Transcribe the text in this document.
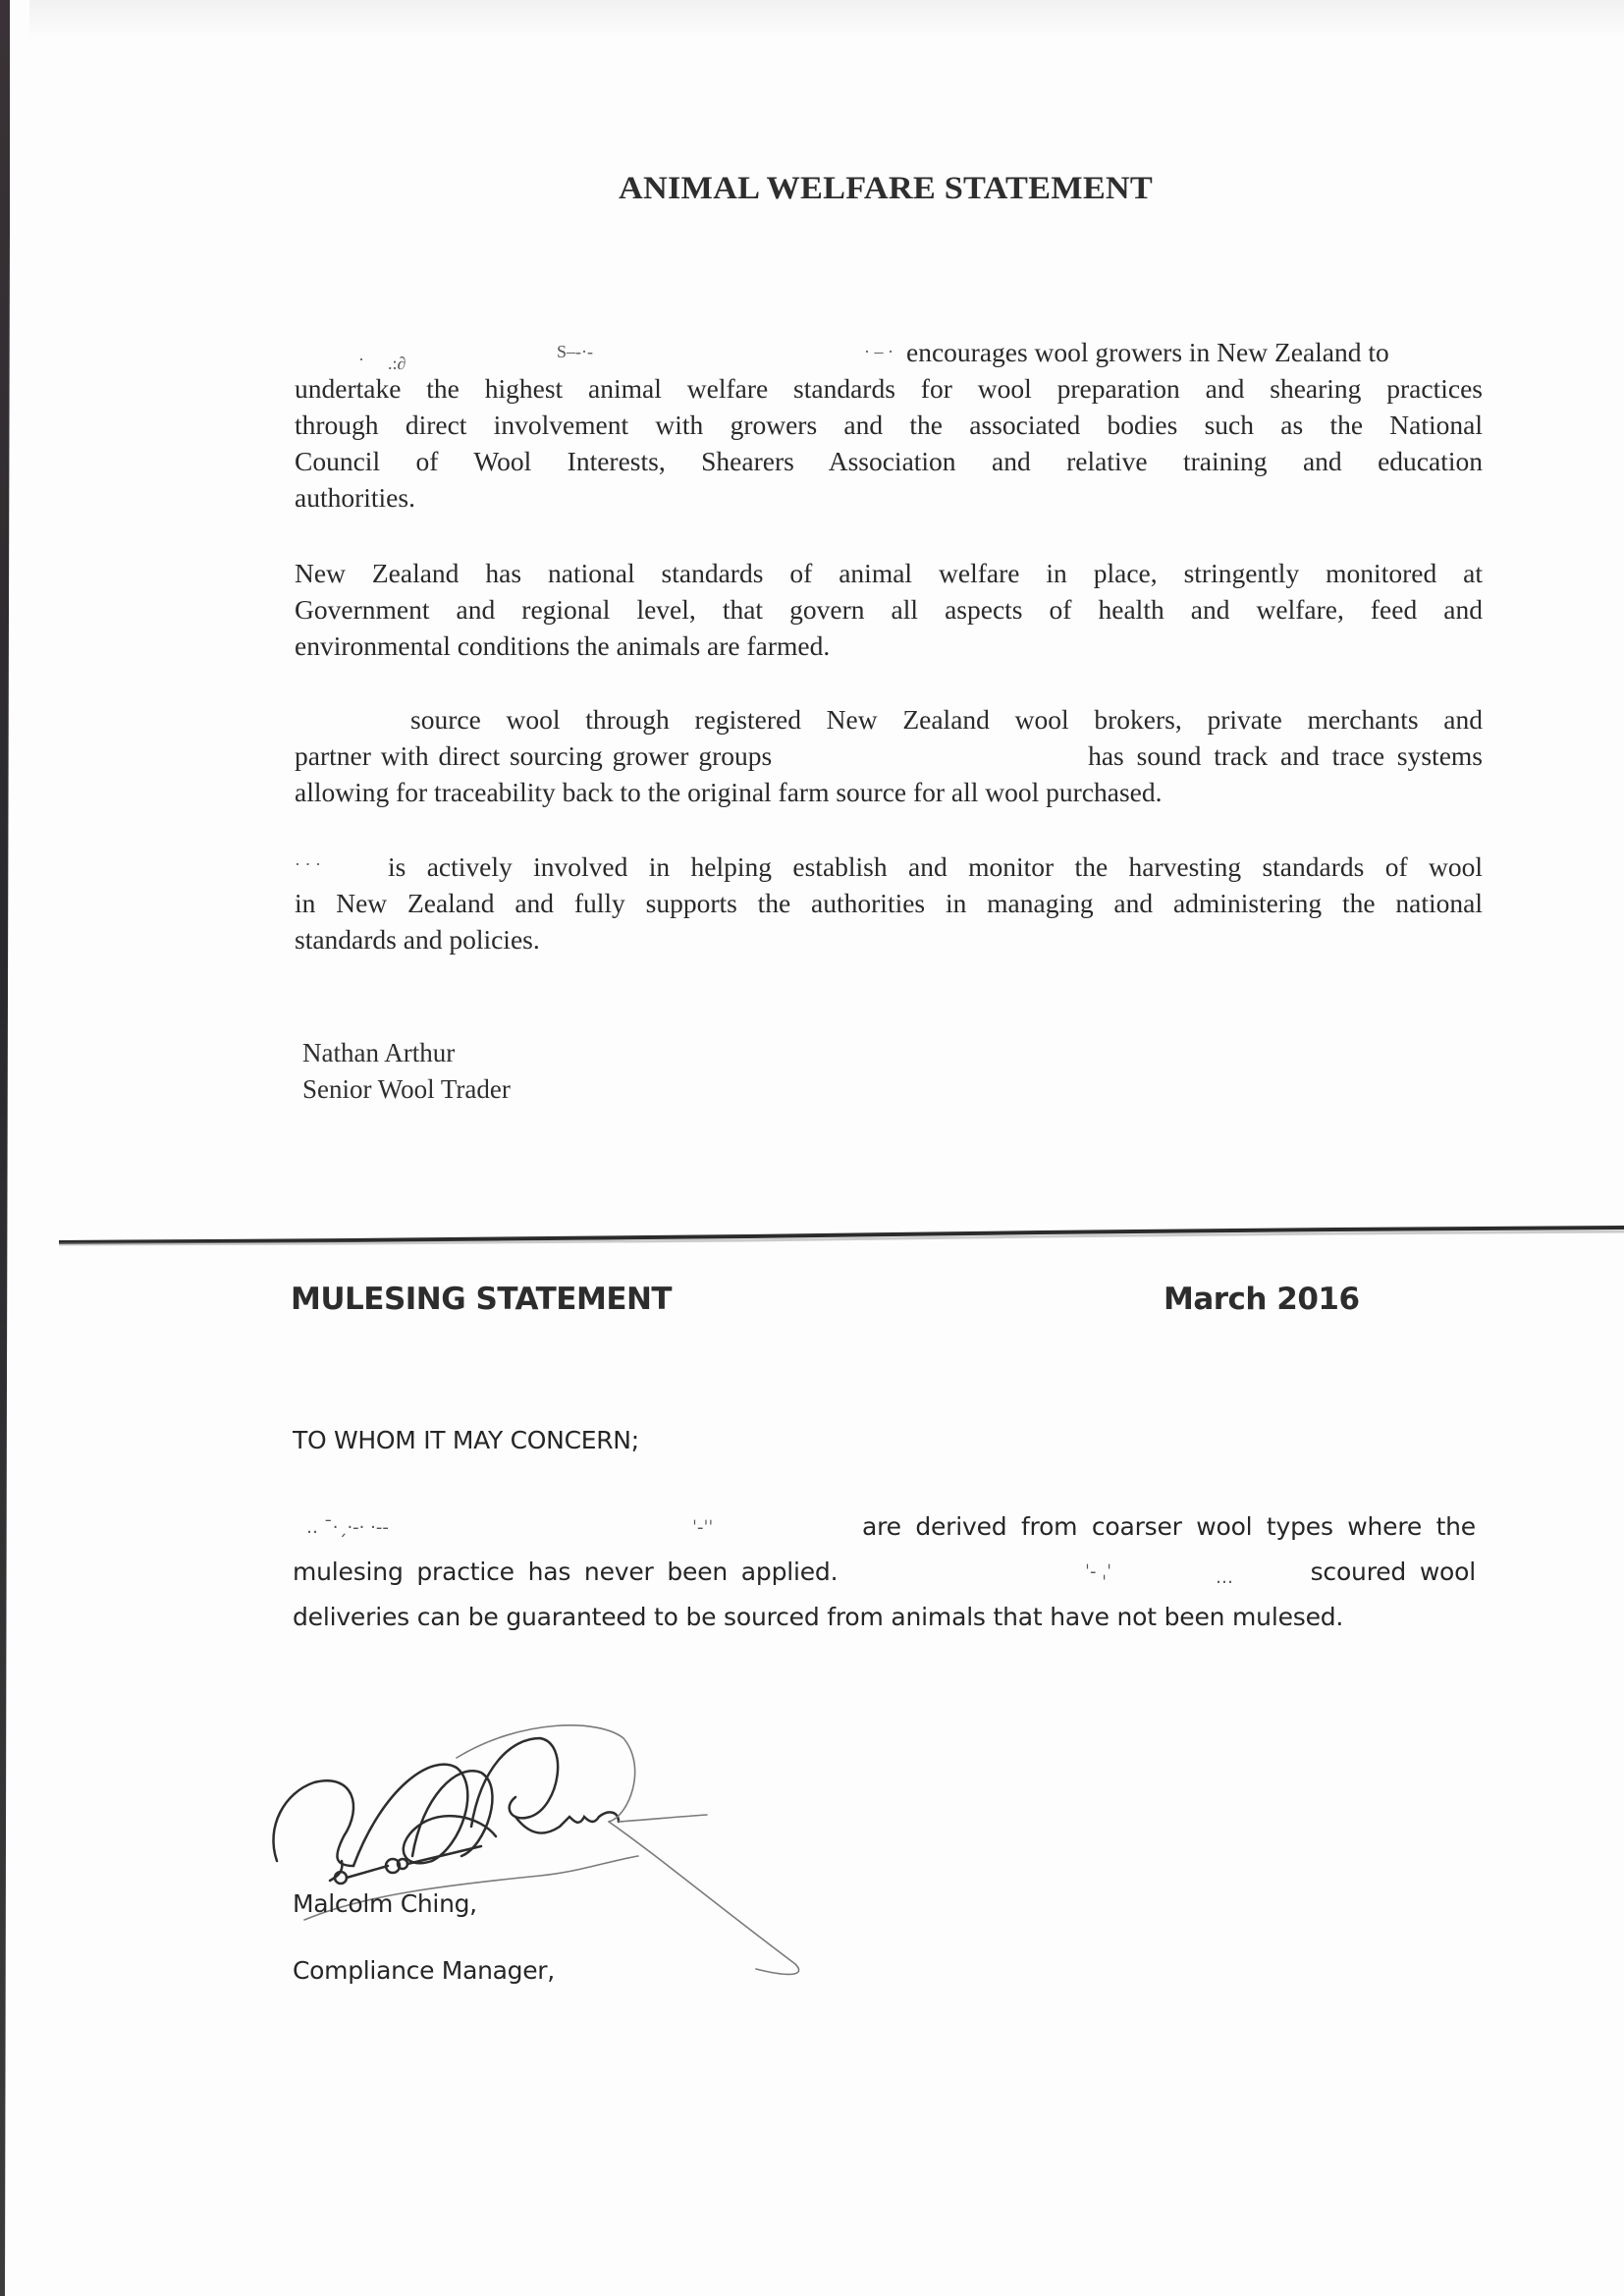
ANIMAL WELFARE STATEMENT
encourages wool growers in New Zealand to
undertake the highest animal welfare standards for wool preparation and shearing practices
through direct involvement with growers and the associated bodies such as the National
Council of Wool Interests, Shearers Association and relative training and education
authorities.
· .:∂
S‒-·-	· ‒ ·
New Zealand has national standards of animal welfare in place, stringently monitored at
Government and regional level, that govern all aspects of health and welfare, feed and
environmental conditions the animals are farmed.
source wool through registered New Zealand wool brokers, private merchants and
partner with direct sourcing grower groups	has sound track and trace systems
allowing for traceability back to the original farm source for all wool purchased.
is actively involved in helping establish and monitor the harvesting standards of wool
in New Zealand and fully supports the authorities in managing and administering the national
standards and policies.
· · ·
Nathan Arthur
Senior Wool Trader
MULESING STATEMENT	March 2016
TO WHOM IT MAY CONCERN;
are derived from coarser wool types where the
mulesing practice has never been applied.	scoured wool
deliveries can be guaranteed to be sourced from animals that have not been mulesed.
‥ ˉ·ˏ·‐· ·‐‐	ˈ‐ˈˈ
ˈ‐ ˌˈ	…
Malcolm Ching,
Compliance Manager,
